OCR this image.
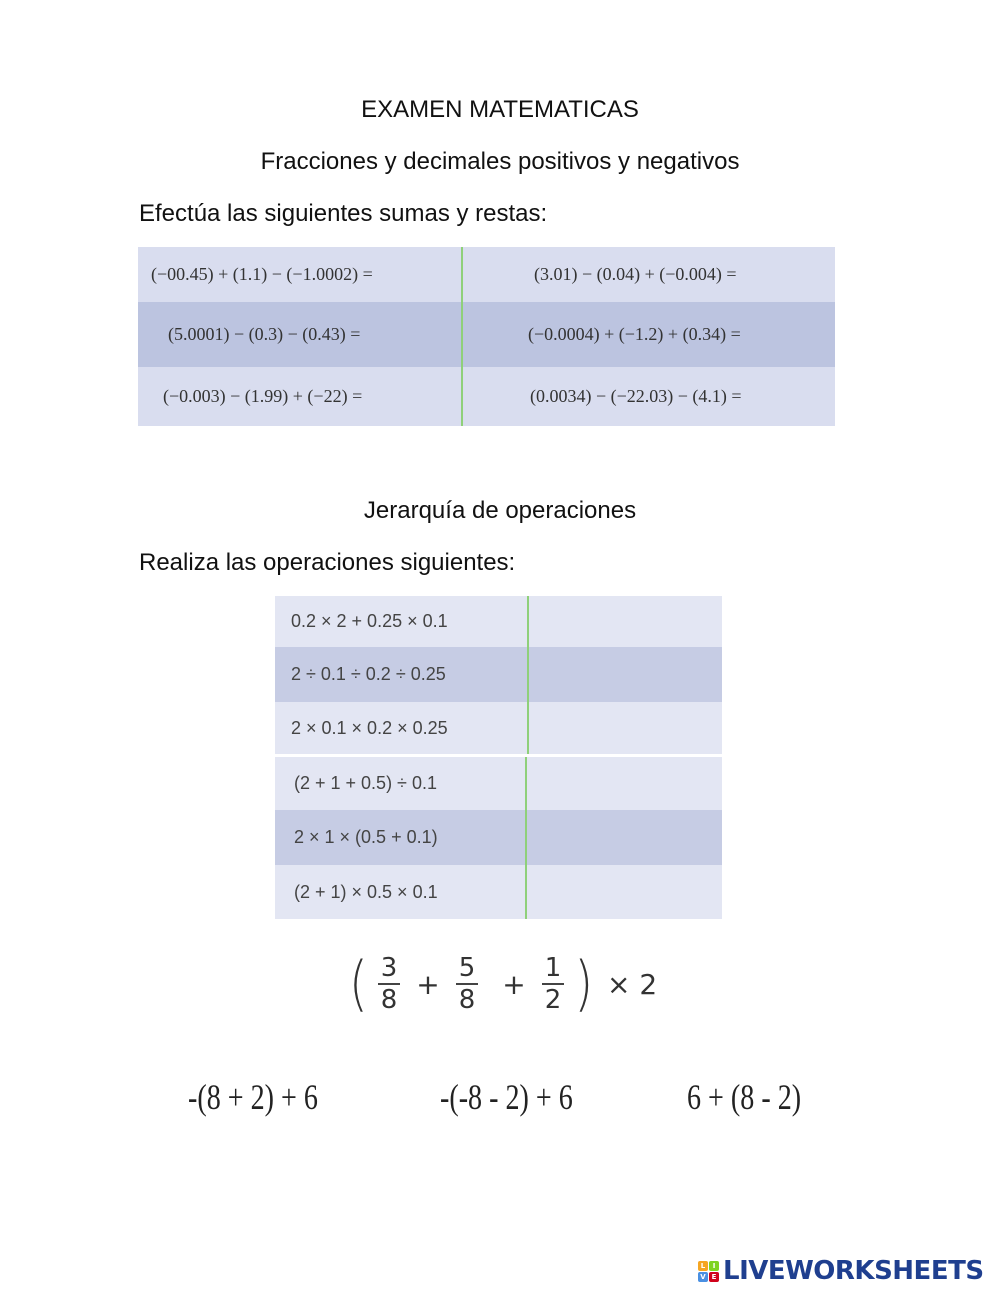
EXAMEN MATEMATICAS
Fracciones y decimales positivos y negativos
Efectúa las siguientes sumas y restas:
(−00.45) + (1.1) − (−1.0002) =	(3.01) − (0.04) + (−0.004) =
(5.0001) − (0.3) − (0.43) =	(−0.0004) + (−1.2) + (0.34) =
(−0.003) − (1.99) + (−22) =	(0.0034) − (−22.03) − (4.1) =
Jerarquía de operaciones
Realiza las operaciones siguientes:
0.2 × 2 + 0.25 × 0.1
2 ÷ 0.1 ÷ 0.2 ÷ 0.25
2 × 0.1 × 0.2 × 0.25
(2 + 1 + 0.5) ÷ 0.1
2 × 1 × (0.5 + 0.1)
(2 + 1) × 0.5 × 0.1
( $\frac{3}{8} + \frac{5}{8} + \frac{1}{2}$ ) × 2
-(8 + 2) + 6	-(-8 - 2) + 6	6 + (8 - 2)
L	I
V E LIVEWORKSHEETS
